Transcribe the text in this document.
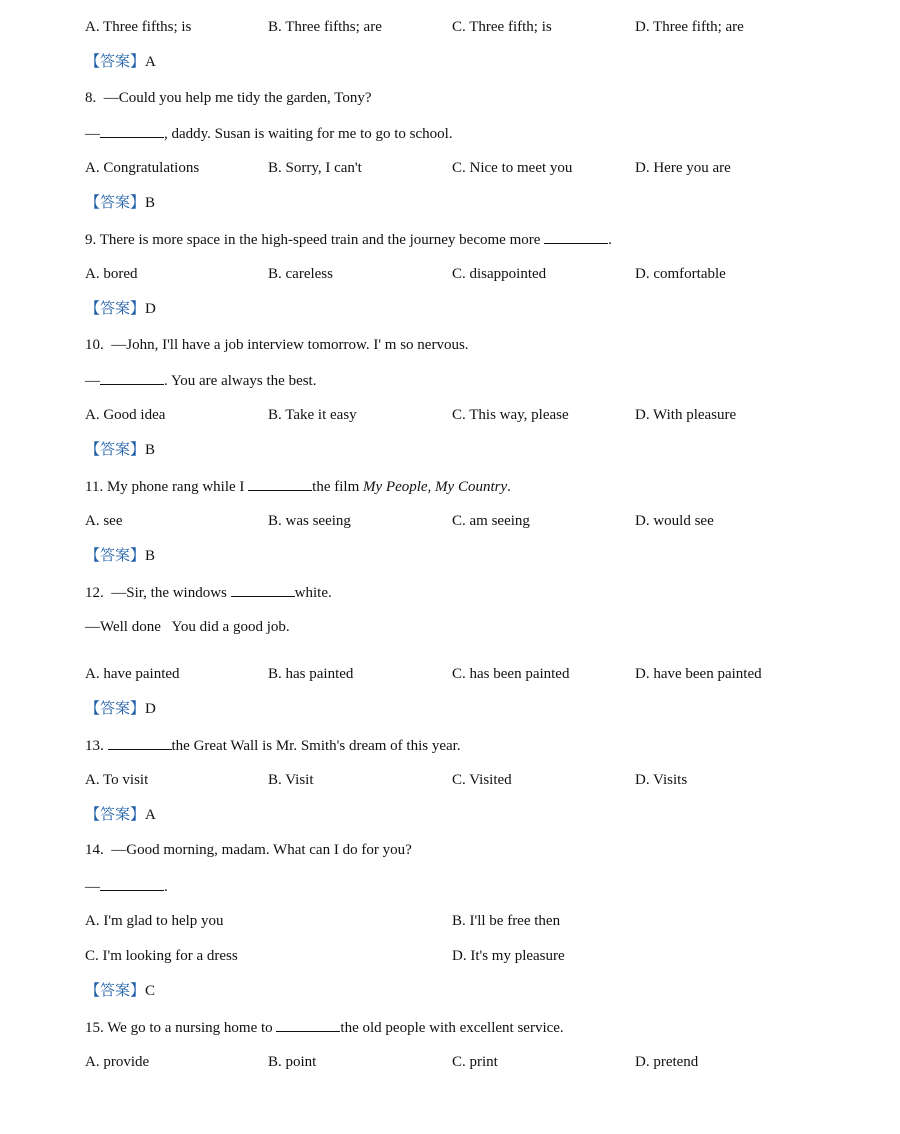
A. Three fifths; is	B. Three fifths; are	C. Three fifth; is	D. Three fifth; are
【答案】A
8.  —Could you help me tidy the garden, Tony?
—	, daddy. Susan is waiting for me to go to school.
A. Congratulations	B. Sorry, I can't	C. Nice to meet you	D. Here you are
【答案】B
9. There is more space in the high-speed train and the journey become more	.
A. bored	B. careless	C. disappointed	D. comfortable
【答案】D
10.  —John, I'll have a job interview tomorrow. I' m so nervous.
—	. You are always the best.
A. Good idea	B. Take it easy	C. This way, please	D. With pleasure
【答案】B
11. My phone rang while I	the film My People, My Country.
A. see	B. was seeing	C. am seeing	D. would see
【答案】B
12.  —Sir, the windows	white.
—Well done   You did a good job.
A. have painted	B. has painted	C. has been painted	D. have been painted
【答案】D
13.	the Great Wall is Mr. Smith's dream of this year.
A. To visit	B. Visit	C. Visited	D. Visits
【答案】A
14.  —Good morning, madam. What can I do for you?
—	.
A. I'm glad to help you	B. I'll be free then
C. I'm looking for a dress	D. It's my pleasure
【答案】C
15. We go to a nursing home to	the old people with excellent service.
A. provide	B. point	C. print	D. pretend
